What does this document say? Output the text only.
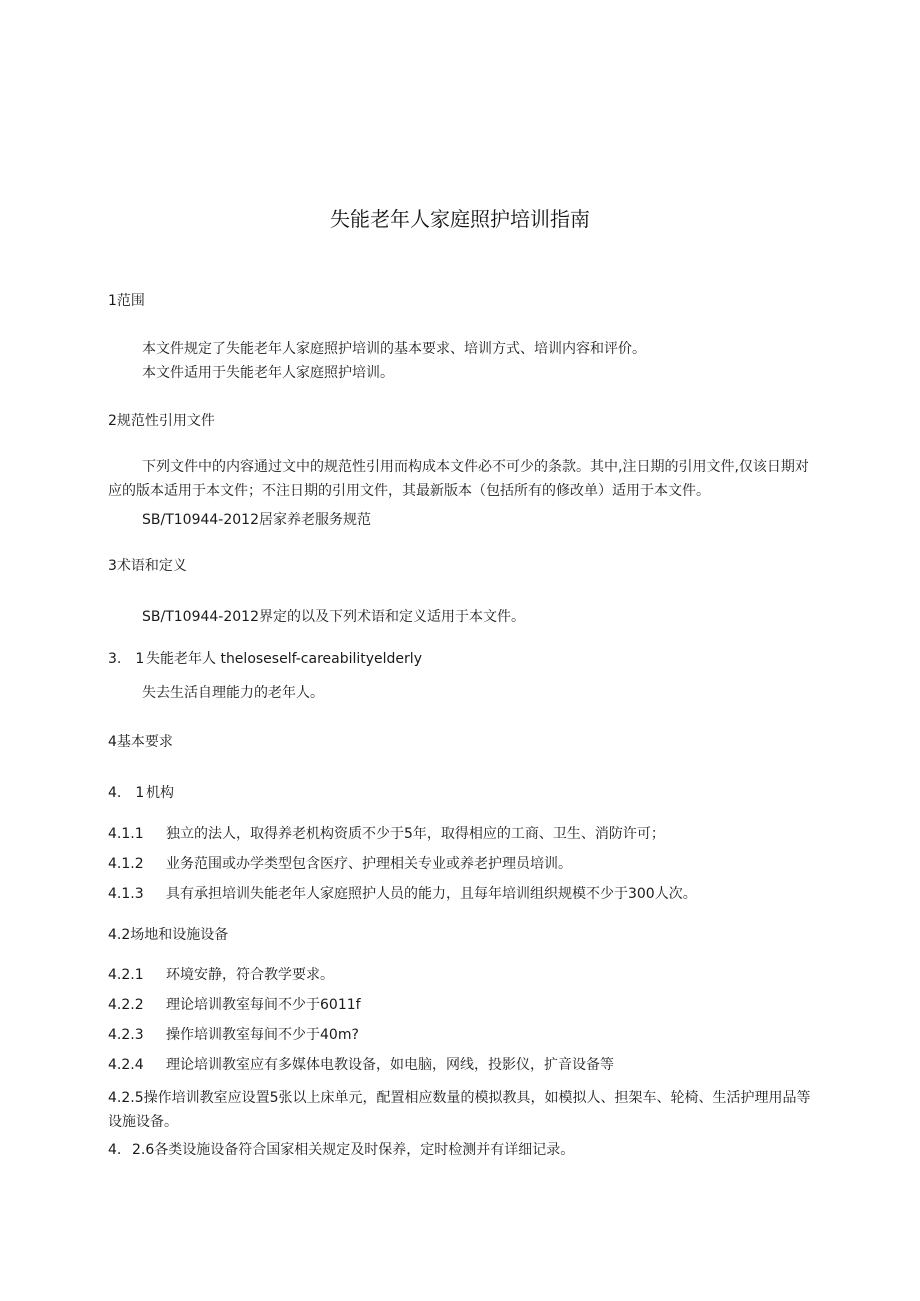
失能老年人家庭照护培训指南
1范围
本文件规定了失能老年人家庭照护培训的基本要求、培训方式、培训内容和评价。
本文件适用于失能老年人家庭照护培训。
2规范性引用文件
下列文件中的内容通过文中的规范性引用而构成本文件必不可少的条款。其中,注日期的引用文件,仅该日期对应的版本适用于本文件；不注日期的引用文件，其最新版本（包括所有的修改单）适用于本文件。
SB/T10944-2012居家养老服务规范
3术语和定义
SB/T10944-2012界定的以及下列术语和定义适用于本文件。
3.　1 失能老年人 theloseself-careabilityelderly
失去生活自理能力的老年人。
4基本要求
4.　1 机构
4.1.1 独立的法人，取得养老机构资质不少于5年，取得相应的工商、卫生、消防许可；
4.1.2 业务范围或办学类型包含医疗、护理相关专业或养老护理员培训。
4.1.3 具有承担培训失能老年人家庭照护人员的能力，且每年培训组织规模不少于300人次。
4.2场地和设施设备
4.2.1 环境安静，符合教学要求。
4.2.2 理论培训教室每间不少于6011f
4.2.3 操作培训教室每间不少于40m?
4.2.4 理论培训教室应有多媒体电教设备，如电脑，网线，投影仪，扩音设备等
4.2.5操作培训教室应设置5张以上床单元，配置相应数量的模拟教具，如模拟人、担架车、轮椅、生活护理用品等设施设备。
4. 2.6各类设施设备符合国家相关规定及时保养，定时检测并有详细记录。
